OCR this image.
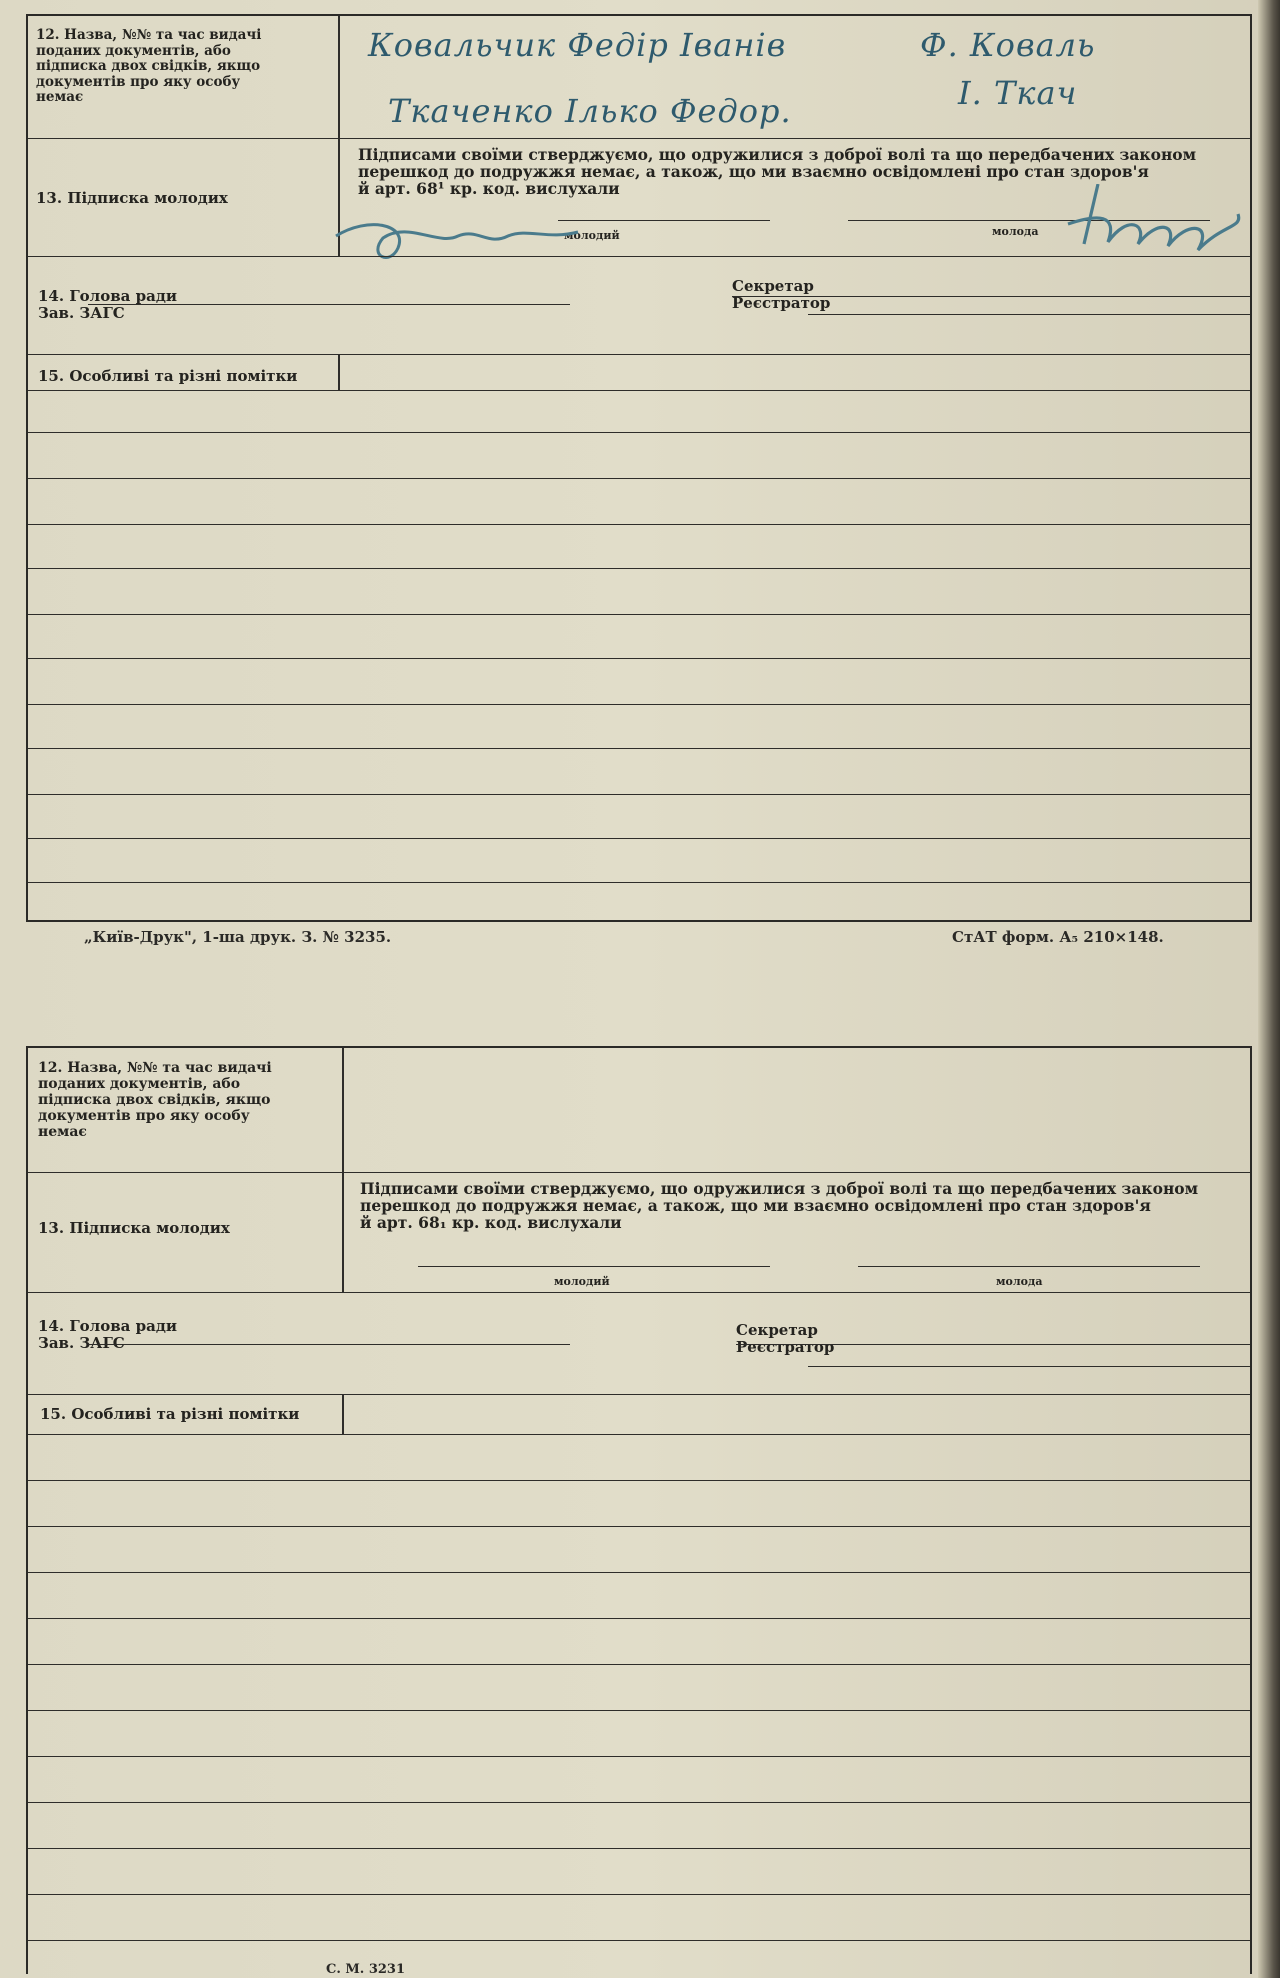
12. Назва, №№ та час видачі
поданих документів, або
підписка двох свідків, якщо
документів про яку особу
немає
Ковальчик Федір Іванів	Ф. Коваль
Ткаченко Ілько Федор.	І. Ткач
Підписами своїми стверджуємо, що одружилися з доброї волі та що передбачених законом
перешкод до подружжя немає, а також, що ми взаємно освідомлені про стан здоров'я
й арт. 68¹ кр. код. вислухали
13. Підписка молодих
молодий	молода
14. Голова ради
Зав. ЗАГС
Секретар
Реєстратор
15. Особливі та різні помітки
„Київ-Друк", 1-ша друк. З. № 3235.	СтАТ форм. А₅ 210×148.
12. Назва, №№ та час видачі
поданих документів, або
підписка двох свідків, якщо
документів про яку особу
немає
Підписами своїми стверджуємо, що одружилися з доброї волі та що передбачених законом
перешкод до подружжя немає, а також, що ми взаємно освідомлені про стан здоров'я
й арт. 68₁ кр. код. вислухали
13. Підписка молодих
молодий	молода
14. Голова ради
Зав. ЗАГС
Секретар
Реєстратор
15. Особливі та різні помітки
С. М. 3231
